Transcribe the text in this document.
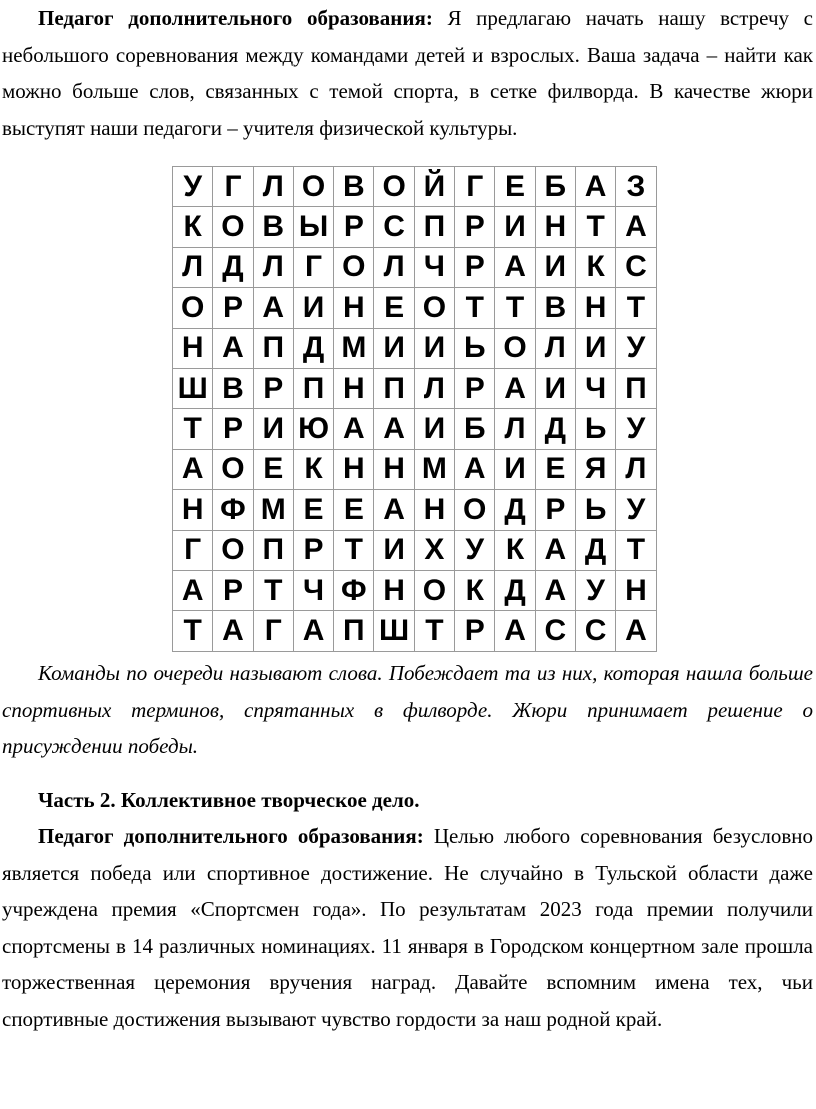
Педагог дополнительного образования: Я предлагаю начать нашу встречу с небольшого соревнования между командами детей и взрослых. Ваша задача – найти как можно больше слов, связанных с темой спорта, в сетке филворда. В качестве жюри выступят наши педагоги – учителя физической культуры.

У	Г	Л	О	В	О	Й	Г	Е	Б	А	З
К	О	В	Ы	Р	С	П	Р	И	Н	Т	А
Л	Д	Л	Г	О	Л	Ч	Р	А	И	К	С
О	Р	А	И	Н	Е	О	Т	Т	В	Н	Т
Н	А	П	Д	М	И	И	Ь	О	Л	И	У
Ш	В	Р	П	Н	П	Л	Р	А	И	Ч	П
Т	Р	И	Ю	А	А	И	Б	Л	Д	Ь	У
А	О	Е	К	Н	Н	М	А	И	Е	Я	Л
Н	Ф	М	Е	Е	А	Н	О	Д	Р	Ь	У
Г	О	П	Р	Т	И	Х	У	К	А	Д	Т
А	Р	Т	Ч	Ф	Н	О	К	Д	А	У	Н
Т	А	Г	А	П	Ш	Т	Р	А	С	С	А

Команды по очереди называют слова. Побеждает та из них, которая нашла больше спортивных терминов, спрятанных в филворде. Жюри принимает решение о присуждении победы.

Часть 2. Коллективное творческое дело.

Педагог дополнительного образования: Целью любого соревнования безусловно является победа или спортивное достижение. Не случайно в Тульской области даже учреждена премия «Спортсмен года». По результатам 2023 года премии получили спортсмены в 14 различных номинациях. 11 января в Городском концертном зале прошла торжественная церемония вручения наград. Давайте вспомним имена тех, чьи спортивные достижения вызывают чувство гордости за наш родной край.
